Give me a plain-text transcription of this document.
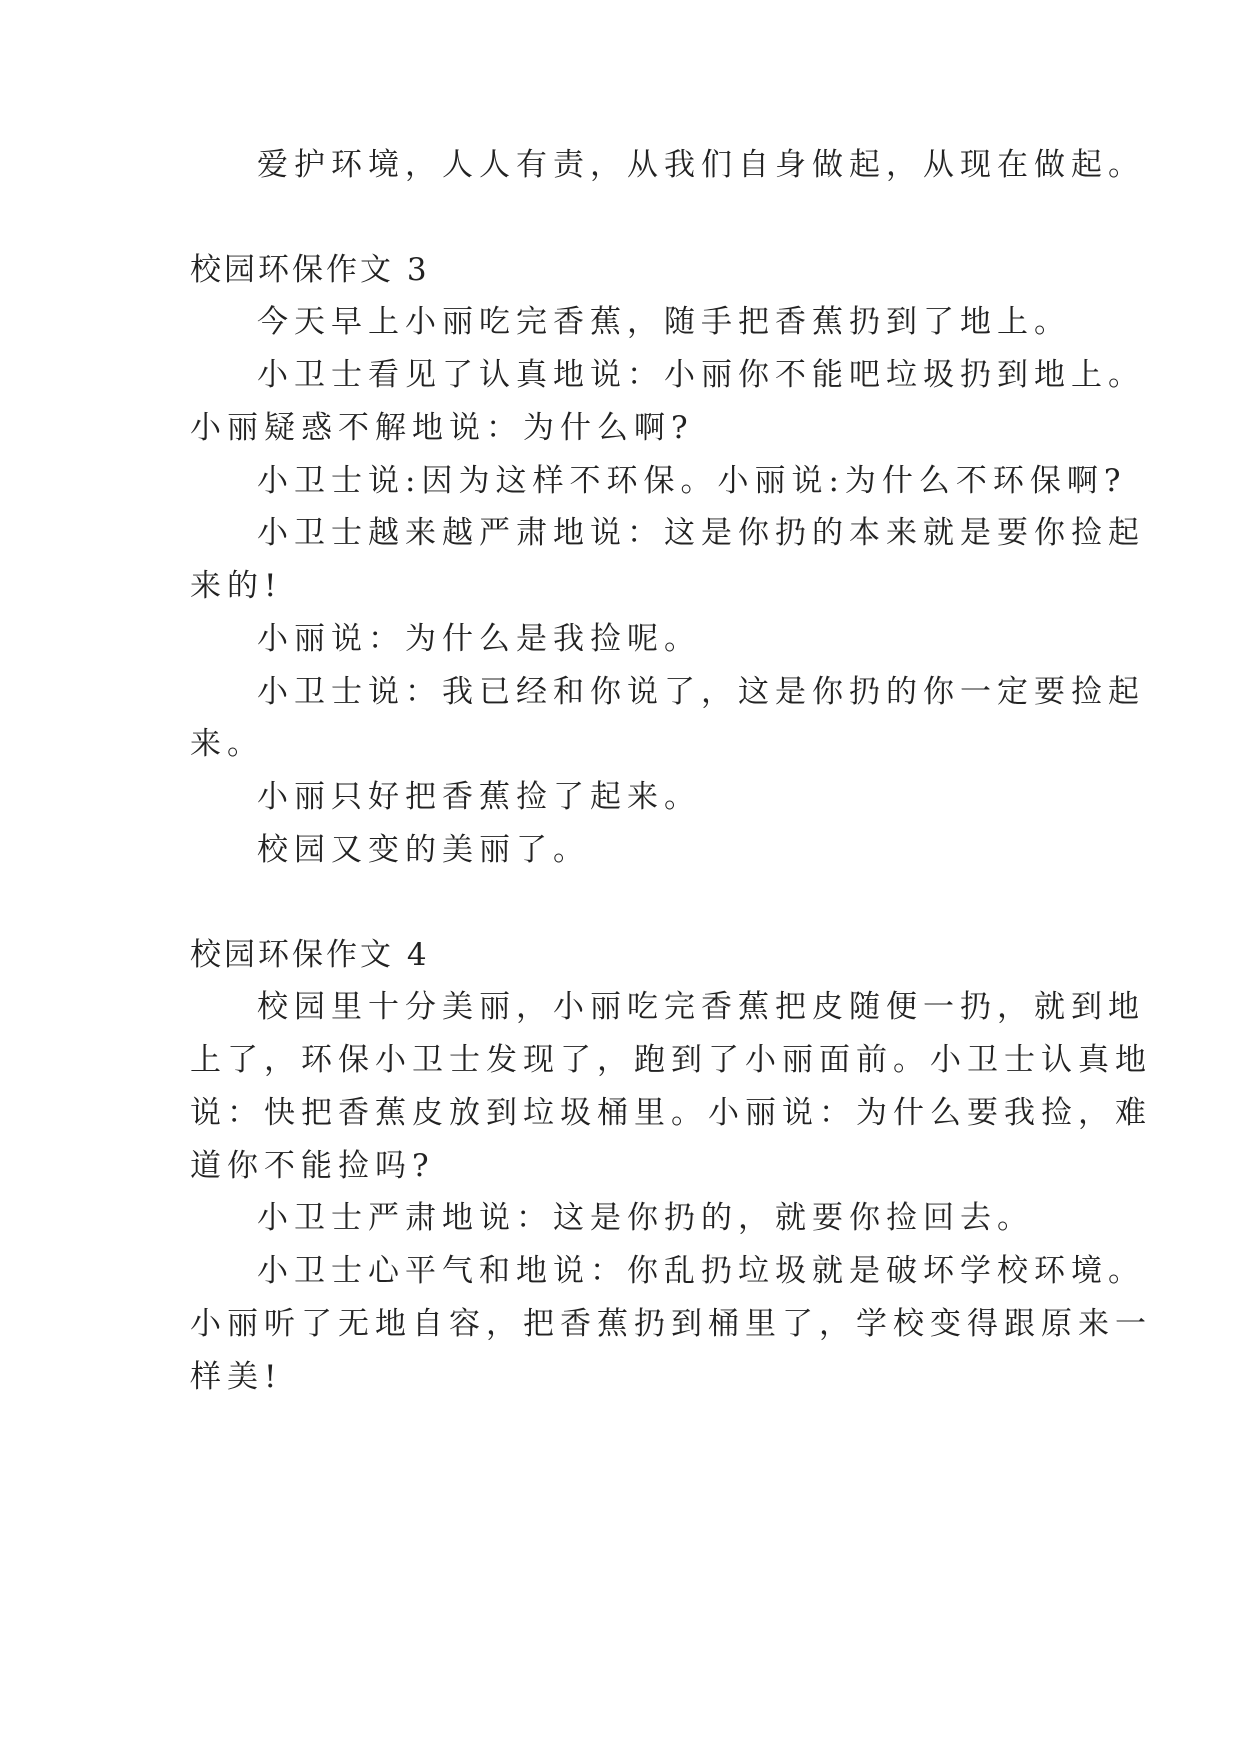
爱护环境，人人有责，从我们自身做起，从现在做起。
校园环保作文 3
今天早上小丽吃完香蕉，随手把香蕉扔到了地上。
小卫士看见了认真地说：小丽你不能吧垃圾扔到地上。
小丽疑惑不解地说：为什么啊?
小卫士说:因为这样不环保。小丽说:为什么不环保啊?
小卫士越来越严肃地说：这是你扔的本来就是要你捡起
来的!
小丽说：为什么是我捡呢。
小卫士说：我已经和你说了，这是你扔的你一定要捡起
来。
小丽只好把香蕉捡了起来。
校园又变的美丽了。
校园环保作文 4
校园里十分美丽，小丽吃完香蕉把皮随便一扔，就到地
上了，环保小卫士发现了，跑到了小丽面前。小卫士认真地
说：快把香蕉皮放到垃圾桶里。小丽说：为什么要我捡，难
道你不能捡吗?
小卫士严肃地说：这是你扔的，就要你捡回去。
小卫士心平气和地说：你乱扔垃圾就是破坏学校环境。
小丽听了无地自容，把香蕉扔到桶里了，学校变得跟原来一
样美!
